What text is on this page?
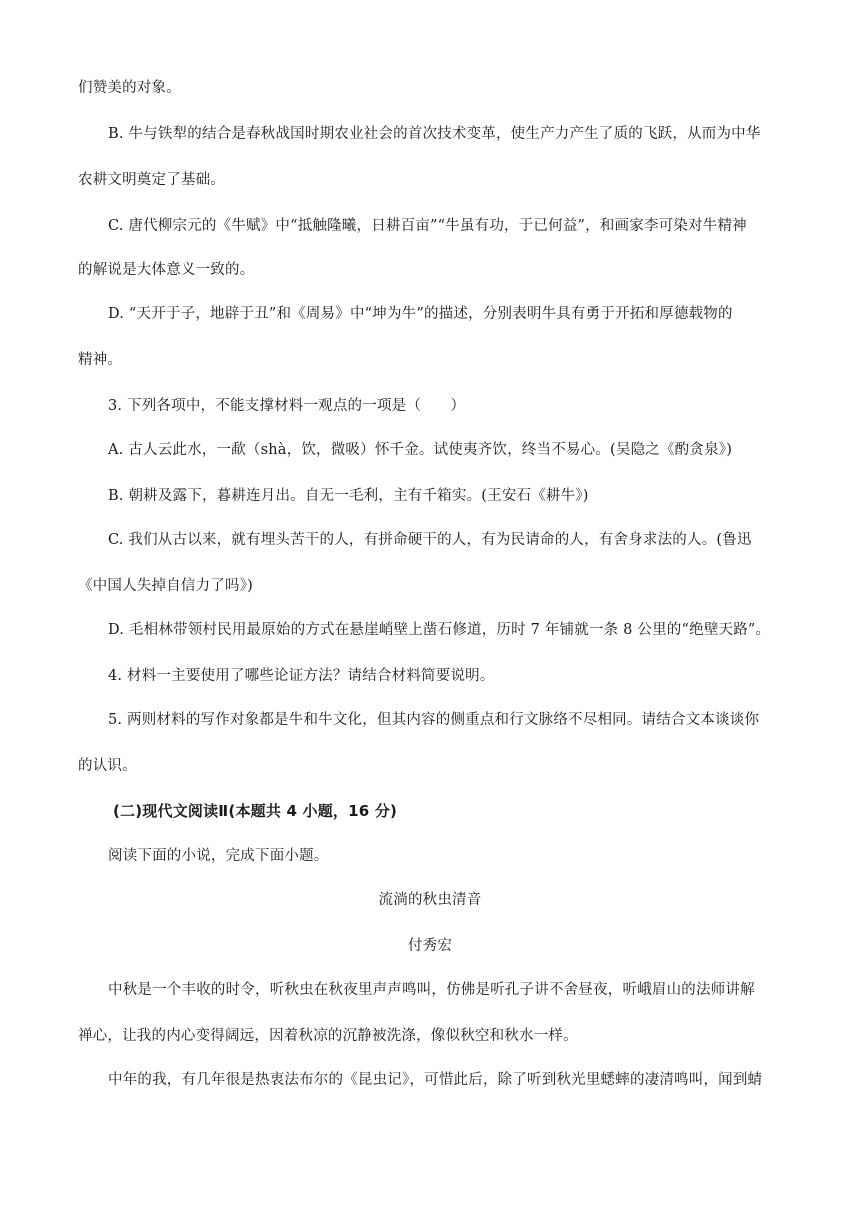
们赞美的对象。
B. 牛与铁犁的结合是春秋战国时期农业社会的首次技术变革，使生产力产生了质的飞跃，从而为中华
农耕文明奠定了基础。
C. 唐代柳宗元的《牛赋》中“抵触隆曦，日耕百亩”“牛虽有功，于已何益”，和画家李可染对牛精神
的解说是大体意义一致的。
D. “天开于子，地辟于丑”和《周易》中“坤为牛”的描述，分别表明牛具有勇于开拓和厚德载物的
精神。
3. 下列各项中，不能支撑材料一观点的一项是（　　）
A. 古人云此水，一歃（shà，饮，微吸）怀千金。试使夷齐饮，终当不易心。(吴隐之《酌贪泉》)
B. 朝耕及露下，暮耕连月出。自无一毛利，主有千箱实。(王安石《耕牛》)
C. 我们从古以来，就有埋头苦干的人，有拼命硬干的人，有为民请命的人，有舍身求法的人。(鲁迅
《中国人失掉自信力了吗》)
D. 毛相林带领村民用最原始的方式在悬崖峭壁上凿石修道，历时 7 年铺就一条 8 公里的“绝壁天路”。
4. 材料一主要使用了哪些论证方法？请结合材料简要说明。
5. 两则材料的写作对象都是牛和牛文化，但其内容的侧重点和行文脉络不尽相同。请结合文本谈谈你
的认识。
(二)现代文阅读Ⅱ(本题共 4 小题，16 分)
阅读下面的小说，完成下面小题。
流淌的秋虫清音
付秀宏
中秋是一个丰收的时令，听秋虫在秋夜里声声鸣叫，仿佛是听孔子讲不舍昼夜，听峨眉山的法师讲解
禅心，让我的内心变得阔远，因着秋凉的沉静被洗涤，像似秋空和秋水一样。
中年的我，有几年很是热衷法布尔的《昆虫记》，可惜此后，除了听到秋光里蟋蟀的凄清鸣叫，闻到蜻
